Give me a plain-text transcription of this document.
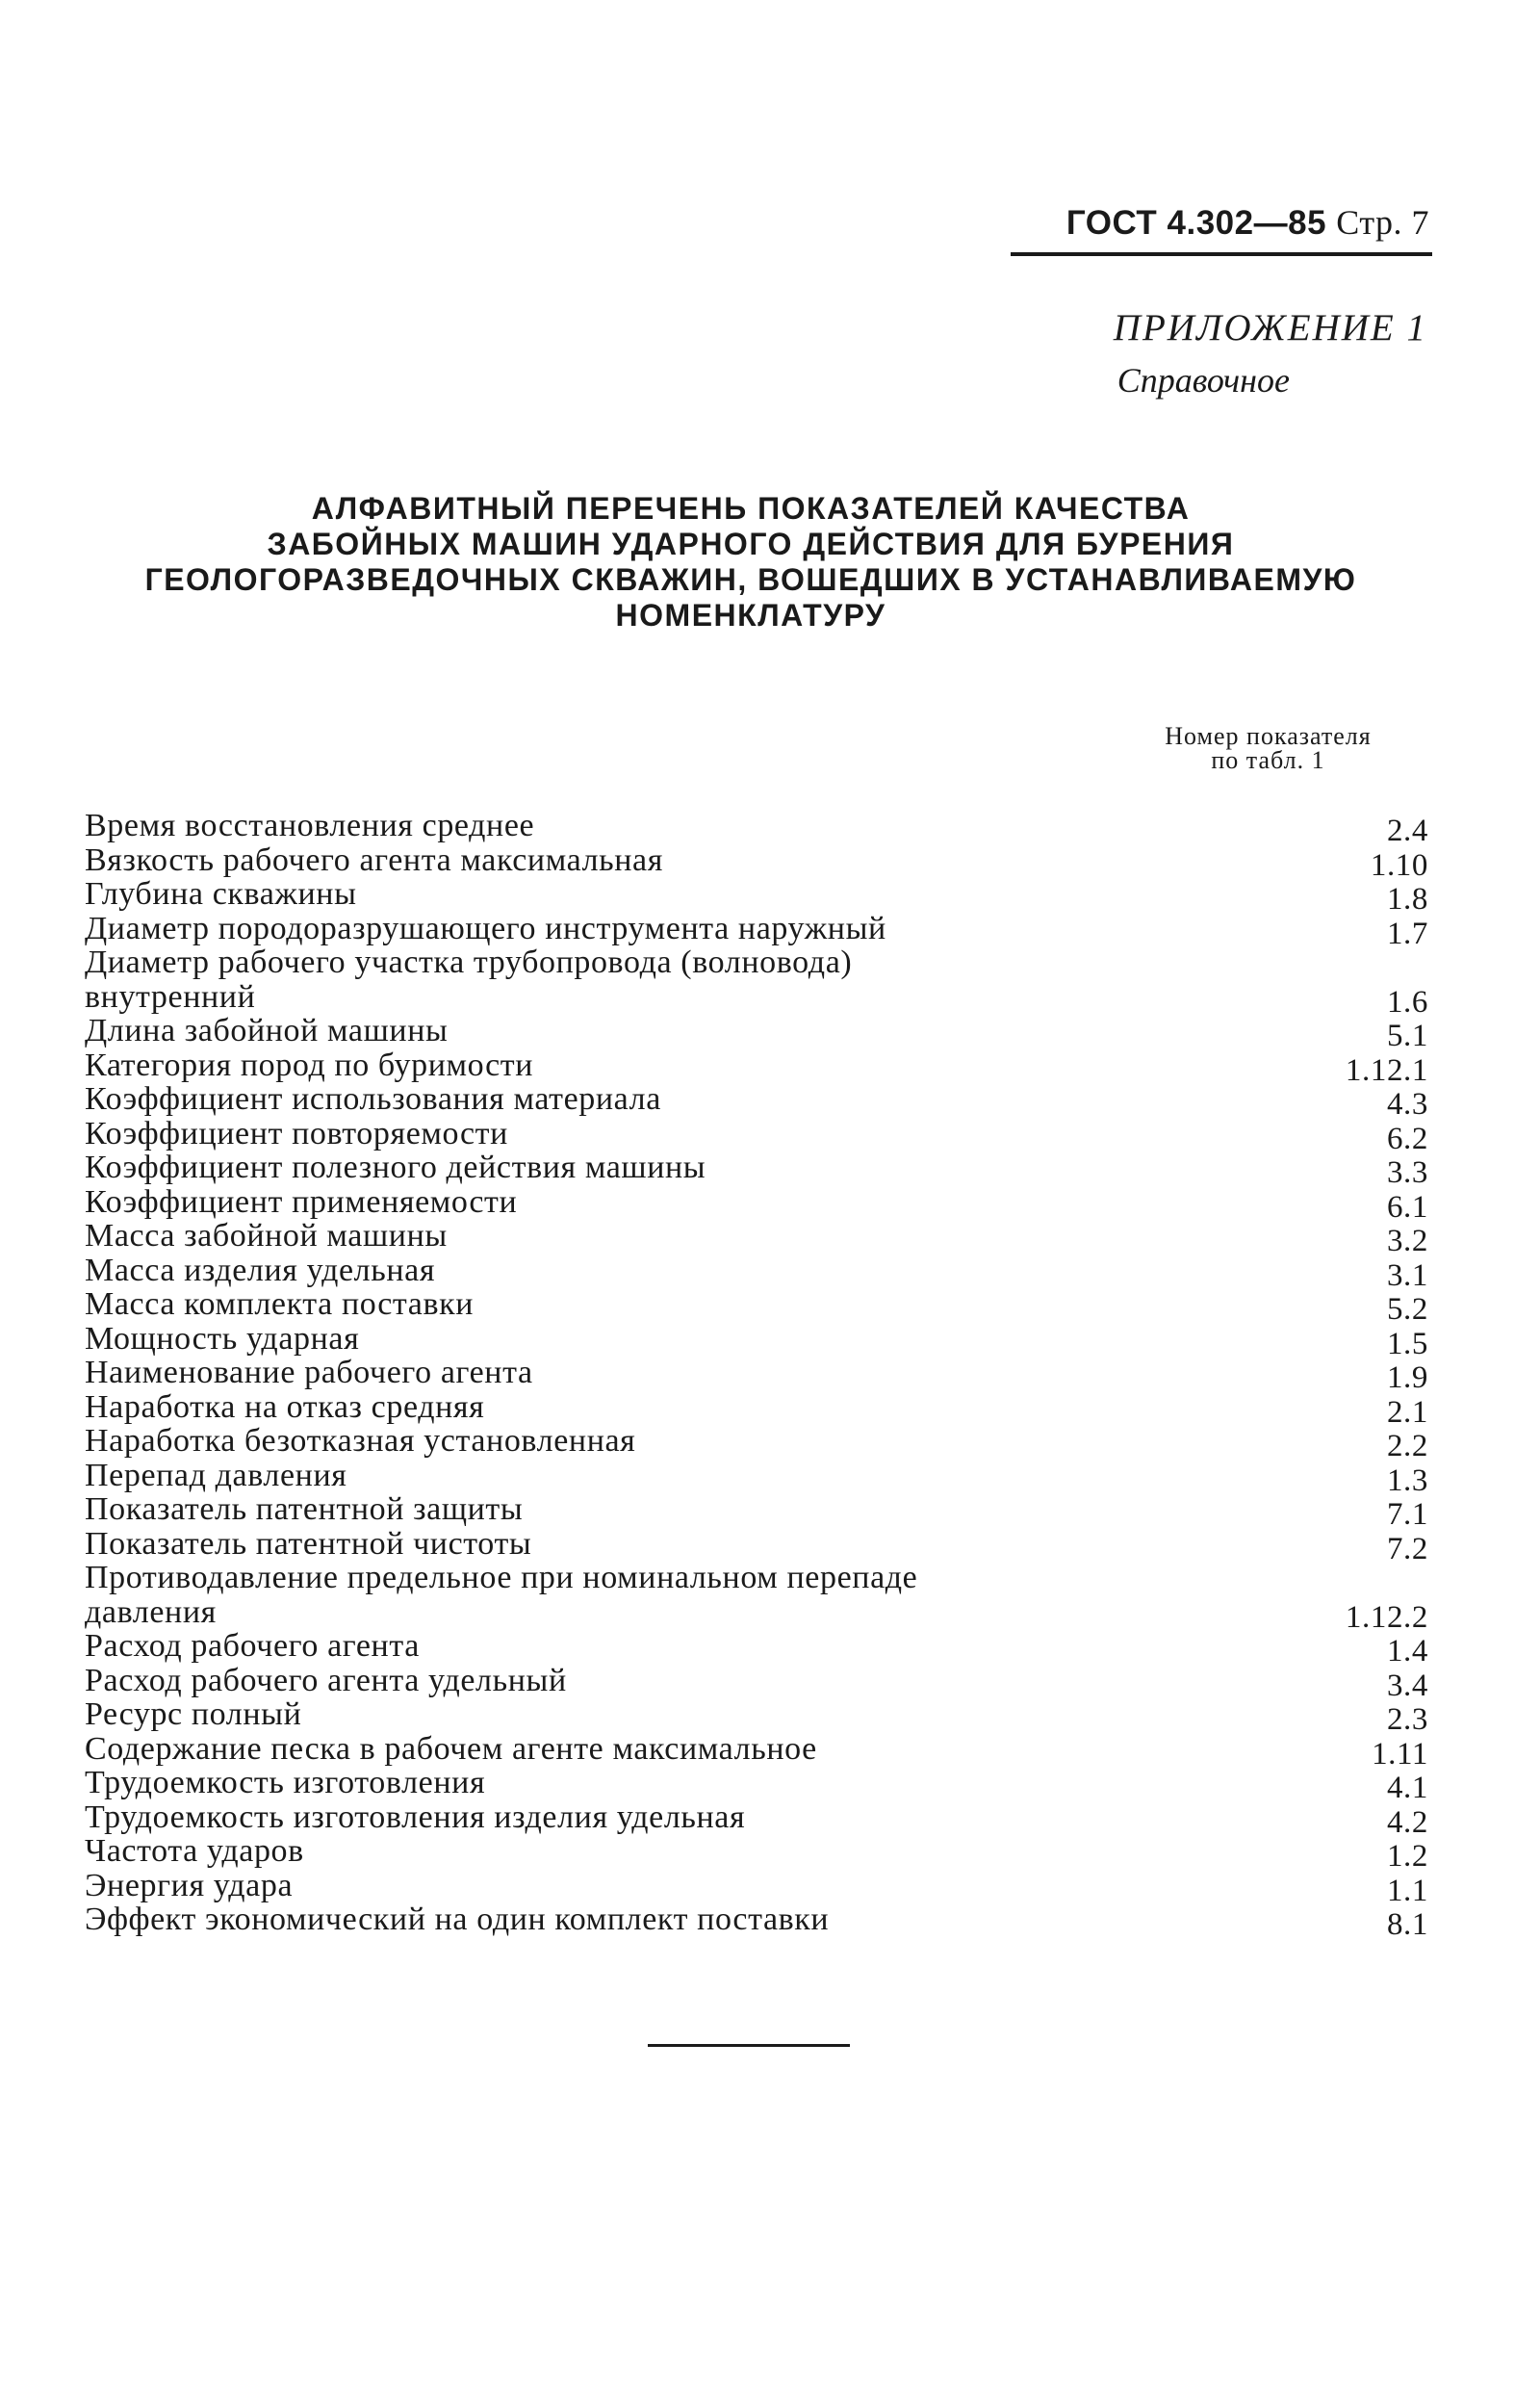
ГОСТ 4.302—85 Стр. 7
ПРИЛОЖЕНИЕ 1
Справочное
АЛФАВИТНЫЙ ПЕРЕЧЕНЬ ПОКАЗАТЕЛЕЙ КАЧЕСТВА
ЗАБОЙНЫХ МАШИН УДАРНОГО ДЕЙСТВИЯ ДЛЯ БУРЕНИЯ
ГЕОЛОГОРАЗВЕДОЧНЫХ СКВАЖИН, ВОШЕДШИХ В УСТАНАВЛИВАЕМУЮ
НОМЕНКЛАТУРУ
Номер показателя
по табл. 1
Время восстановления среднее	2.4
Вязкость рабочего агента максимальная	1.10
Глубина скважины	1.8
Диаметр породоразрушающего инструмента наружный	1.7
Диаметр рабочего участка трубопровода (волновода) внутренний	1.6
Длина забойной машины	5.1
Категория пород по буримости	1.12.1
Коэффициент использования материала	4.3
Коэффициент повторяемости	6.2
Коэффициент полезного действия машины	3.3
Коэффициент применяемости	6.1
Масса забойной машины	3.2
Масса изделия удельная	3.1
Масса комплекта поставки	5.2
Мощность ударная	1.5
Наименование рабочего агента	1.9
Наработка на отказ средняя	2.1
Наработка безотказная установленная	2.2
Перепад давления	1.3
Показатель патентной защиты	7.1
Показатель патентной чистоты	7.2
Противодавление предельное при номинальном перепаде давления	1.12.2
Расход рабочего агента	1.4
Расход рабочего агента удельный	3.4
Ресурс полный	2.3
Содержание песка в рабочем агенте максимальное	1.11
Трудоемкость изготовления	4.1
Трудоемкость изготовления изделия удельная	4.2
Частота ударов	1.2
Энергия удара	1.1
Эффект экономический на один комплект поставки	8.1
